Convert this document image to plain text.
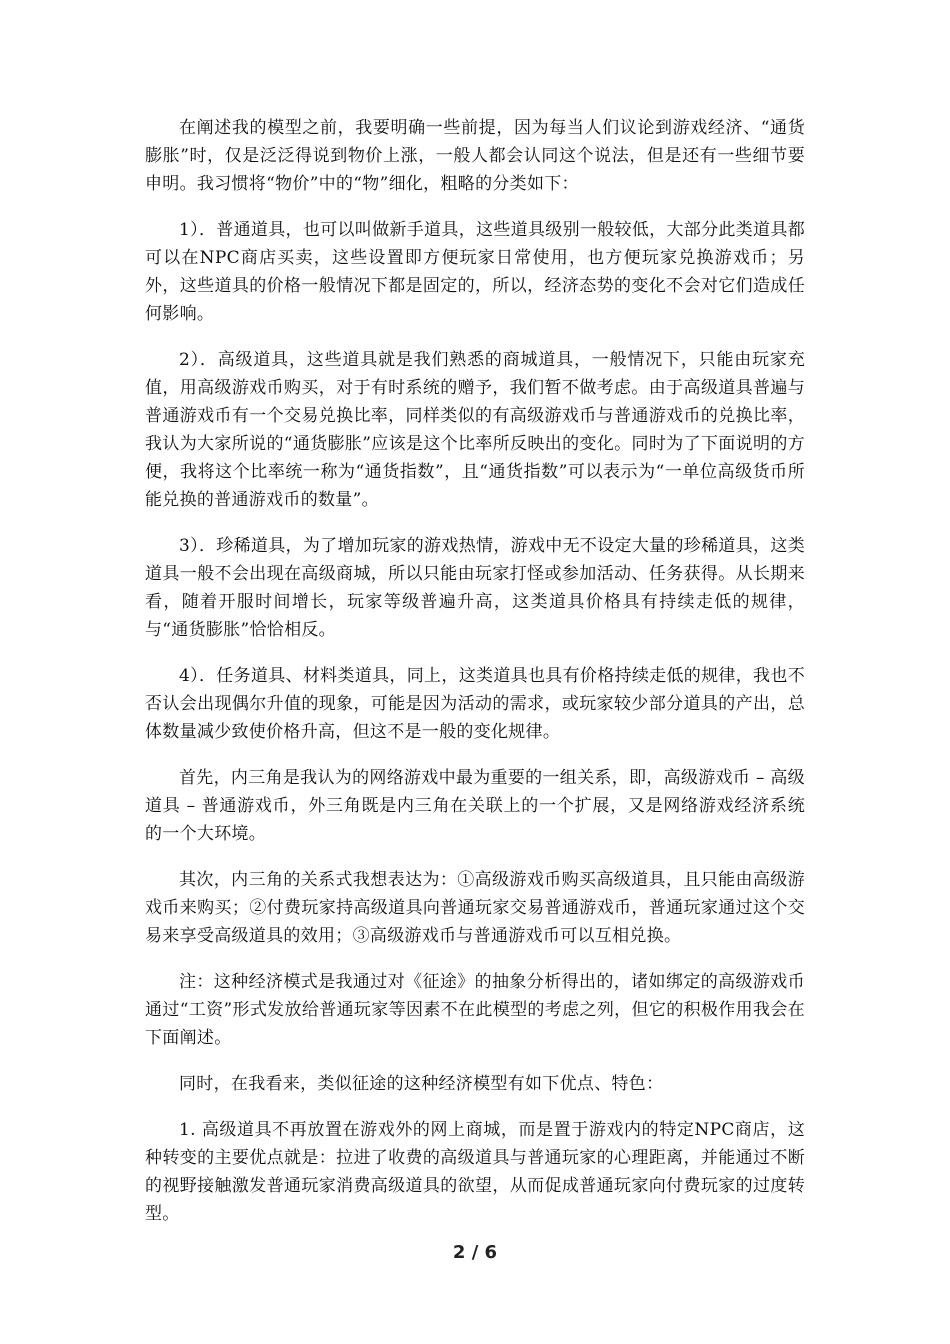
在阐述我的模型之前，我要明确一些前提，因为每当人们议论到游戏经济、“通货膨胀”时，仅是泛泛得说到物价上涨，一般人都会认同这个说法，但是还有一些细节要申明。我习惯将“物价”中的“物”细化，粗略的分类如下：

1）．普通道具，也可以叫做新手道具，这些道具级别一般较低，大部分此类道具都可以在NPC商店买卖，这些设置即方便玩家日常使用，也方便玩家兑换游戏币；另外，这些道具的价格一般情况下都是固定的，所以，经济态势的变化不会对它们造成任何影响。

2）．高级道具，这些道具就是我们熟悉的商城道具，一般情况下，只能由玩家充值，用高级游戏币购买，对于有时系统的赠予，我们暂不做考虑。由于高级道具普遍与普通游戏币有一个交易兑换比率，同样类似的有高级游戏币与普通游戏币的兑换比率，我认为大家所说的“通货膨胀”应该是这个比率所反映出的变化。同时为了下面说明的方便，我将这个比率统一称为“通货指数”，且“通货指数”可以表示为“一单位高级货币所能兑换的普通游戏币的数量”。

3）．珍稀道具，为了增加玩家的游戏热情，游戏中无不设定大量的珍稀道具，这类道具一般不会出现在高级商城，所以只能由玩家打怪或参加活动、任务获得。从长期来看，随着开服时间增长，玩家等级普遍升高，这类道具价格具有持续走低的规律，与“通货膨胀”恰恰相反。

4）．任务道具、材料类道具，同上，这类道具也具有价格持续走低的规律，我也不否认会出现偶尔升值的现象，可能是因为活动的需求，或玩家较少部分道具的产出，总体数量减少致使价格升高，但这不是一般的变化规律。

首先，内三角是我认为的网络游戏中最为重要的一组关系，即，高级游戏币 – 高级道具 – 普通游戏币，外三角既是内三角在关联上的一个扩展，又是网络游戏经济系统的一个大环境。

其次，内三角的关系式我想表达为：①高级游戏币购买高级道具，且只能由高级游戏币来购买；②付费玩家持高级道具向普通玩家交易普通游戏币，普通玩家通过这个交易来享受高级道具的效用；③高级游戏币与普通游戏币可以互相兑换。

注：这种经济模式是我通过对《征途》的抽象分析得出的，诸如绑定的高级游戏币通过“工资”形式发放给普通玩家等因素不在此模型的考虑之列，但它的积极作用我会在下面阐述。

同时，在我看来，类似征途的这种经济模型有如下优点、特色：

1. 高级道具不再放置在游戏外的网上商城，而是置于游戏内的特定NPC商店，这种转变的主要优点就是：拉进了收费的高级道具与普通玩家的心理距离，并能通过不断的视野接触激发普通玩家消费高级道具的欲望，从而促成普通玩家向付费玩家的过度转型。

2 / 6
